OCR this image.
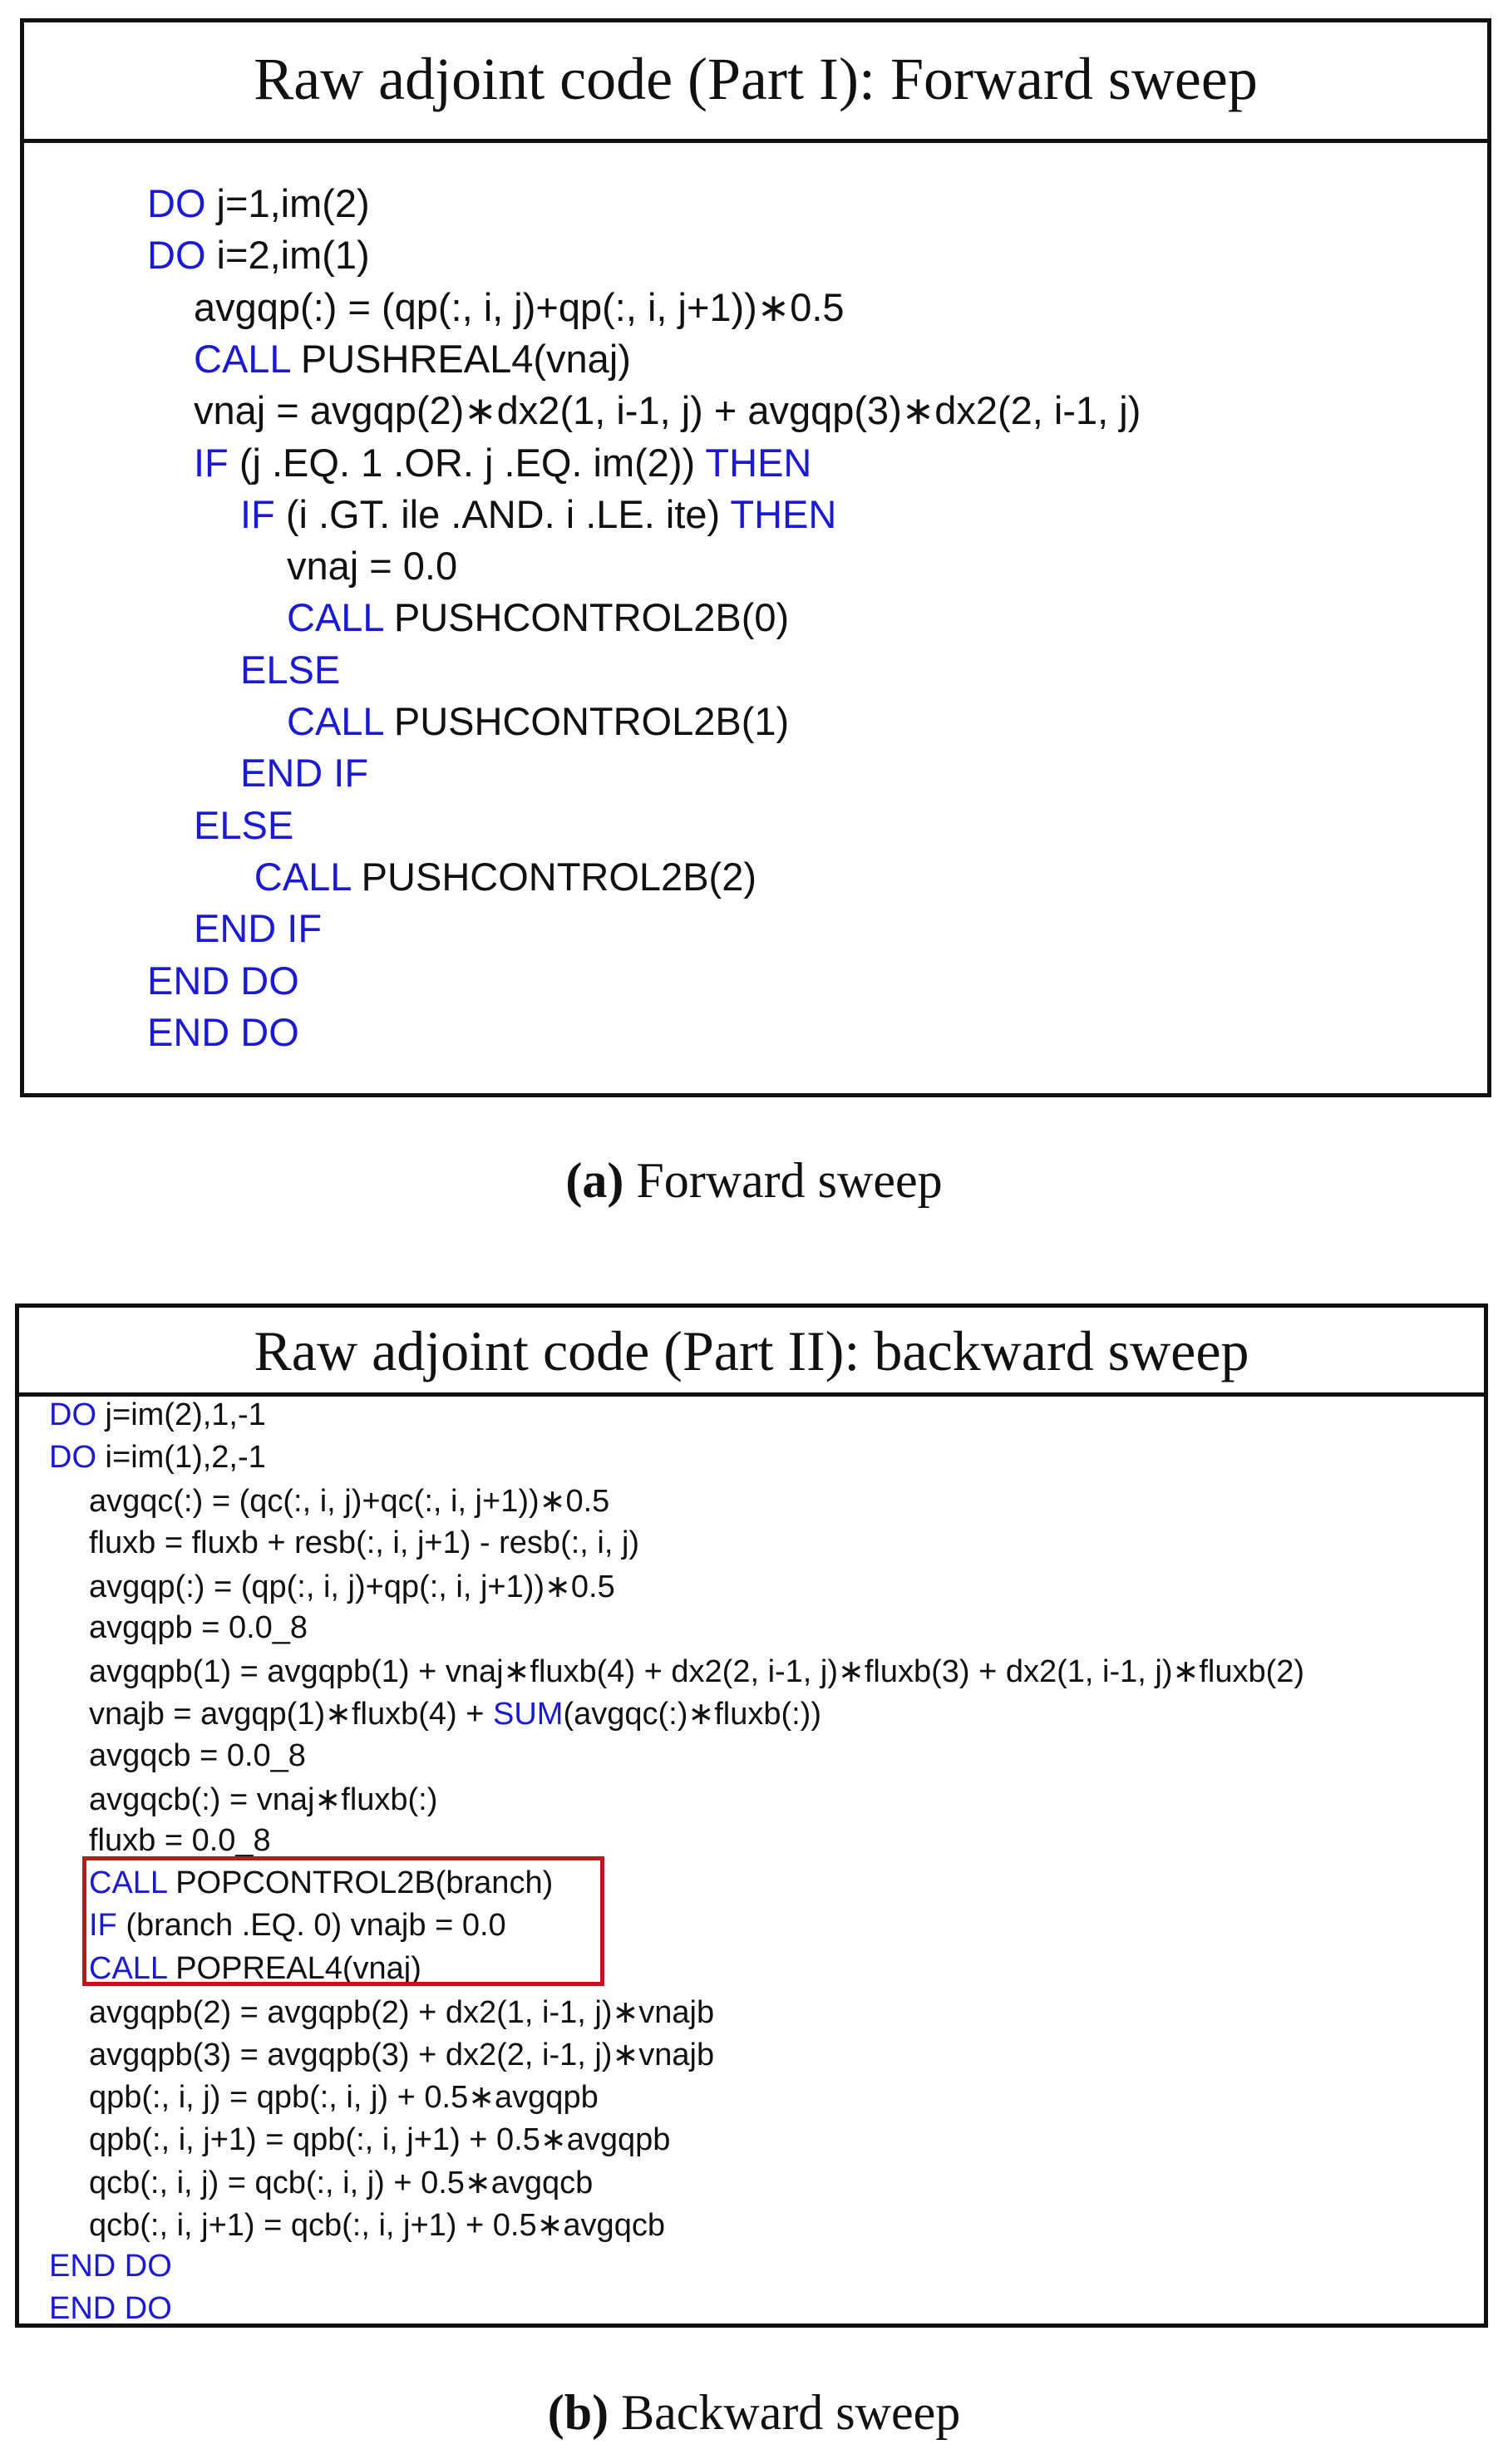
Raw adjoint code (Part I): Forward sweep
DO j=1,im(2)
DO i=2,im(1)
avgqp(:) = (qp(:, i, j)+qp(:, i, j+1))∗0.5
CALL PUSHREAL4(vnaj)
vnaj = avgqp(2)∗dx2(1, i-1, j) + avgqp(3)∗dx2(2, i-1, j)
IF (j .EQ. 1 .OR. j .EQ. im(2)) THEN
IF (i .GT. ile .AND. i .LE. ite) THEN
vnaj = 0.0
CALL PUSHCONTROL2B(0)
ELSE
CALL PUSHCONTROL2B(1)
END IF
ELSE
CALL PUSHCONTROL2B(2)
END IF
END DO
END DO
(a) Forward sweep
Raw adjoint code (Part II): backward sweep
DO j=im(2),1,-1
DO i=im(1),2,-1
avgqc(:) = (qc(:, i, j)+qc(:, i, j+1))∗0.5
fluxb = fluxb + resb(:, i, j+1) - resb(:, i, j)
avgqp(:) = (qp(:, i, j)+qp(:, i, j+1))∗0.5
avgqpb = 0.0_8
avgqpb(1) = avgqpb(1) + vnaj∗fluxb(4) + dx2(2, i-1, j)∗fluxb(3) + dx2(1, i-1, j)∗fluxb(2)
vnajb = avgqp(1)∗fluxb(4) + SUM(avgqc(:)∗fluxb(:))
avgqcb = 0.0_8
avgqcb(:) = vnaj∗fluxb(:)
fluxb = 0.0_8
CALL POPCONTROL2B(branch)
IF (branch .EQ. 0) vnajb = 0.0
CALL POPREAL4(vnaj)
avgqpb(2) = avgqpb(2) + dx2(1, i-1, j)∗vnajb
avgqpb(3) = avgqpb(3) + dx2(2, i-1, j)∗vnajb
qpb(:, i, j) = qpb(:, i, j) + 0.5∗avgqpb
qpb(:, i, j+1) = qpb(:, i, j+1) + 0.5∗avgqpb
qcb(:, i, j) = qcb(:, i, j) + 0.5∗avgqcb
qcb(:, i, j+1) = qcb(:, i, j+1) + 0.5∗avgqcb
END DO
END DO
(b) Backward sweep
